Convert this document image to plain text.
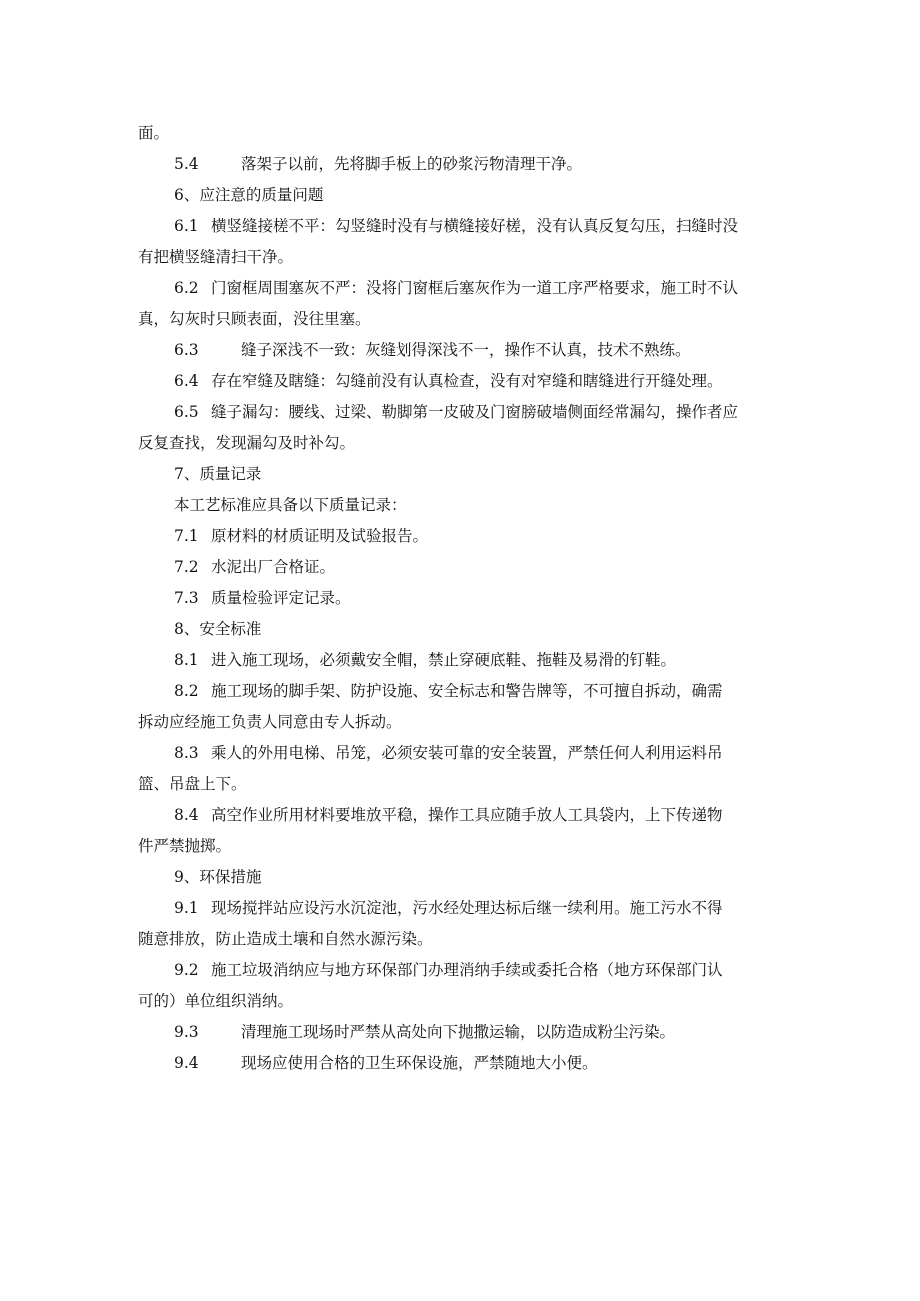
面。
5.4	落架子以前，先将脚手板上的砂浆污物清理干净。
6、应注意的质量问题
6.1 横竖缝接槎不平：勾竖缝时没有与横缝接好槎，没有认真反复勾压，扫缝时没
有把横竖缝清扫干净。
6.2 门窗框周围塞灰不严：没将门窗框后塞灰作为一道工序严格要求，施工时不认
真，勾灰时只顾表面，没往里塞。
6.3	缝子深浅不一致：灰缝划得深浅不一，操作不认真，技术不熟练。
6.4 存在窄缝及瞎缝：勾缝前没有认真检查，没有对窄缝和瞎缝进行开缝处理。
6.5 缝子漏勾：腰线、过梁、勒脚第一皮破及门窗膀破墙侧面经常漏勾，操作者应
反复查找，发现漏勾及时补勾。
7、质量记录
本工艺标准应具备以下质量记录：
7.1 原材料的材质证明及试验报告。
7.2 水泥出厂合格证。
7.3 质量检验评定记录。
8、安全标准
8.1 进入施工现场，必须戴安全帽，禁止穿硬底鞋、拖鞋及易滑的钉鞋。
8.2 施工现场的脚手架、防护设施、安全标志和警告牌等，不可擅自拆动，确需
拆动应经施工负责人同意由专人拆动。
8.3 乘人的外用电梯、吊笼，必须安装可靠的安全装置，严禁任何人利用运料吊
篮、吊盘上下。
8.4 高空作业所用材料要堆放平稳，操作工具应随手放人工具袋内，上下传递物
件严禁抛掷。
9、环保措施
9.1 现场搅拌站应设污水沉淀池，污水经处理达标后继一续利用。施工污水不得
随意排放，防止造成土壤和自然水源污染。
9.2 施工垃圾消纳应与地方环保部门办理消纳手续或委托合格（地方环保部门认
可的）单位组织消纳。
9.3	清理施工现场时严禁从高处向下抛撒运输，以防造成粉尘污染。
9.4	现场应使用合格的卫生环保设施，严禁随地大小便。
